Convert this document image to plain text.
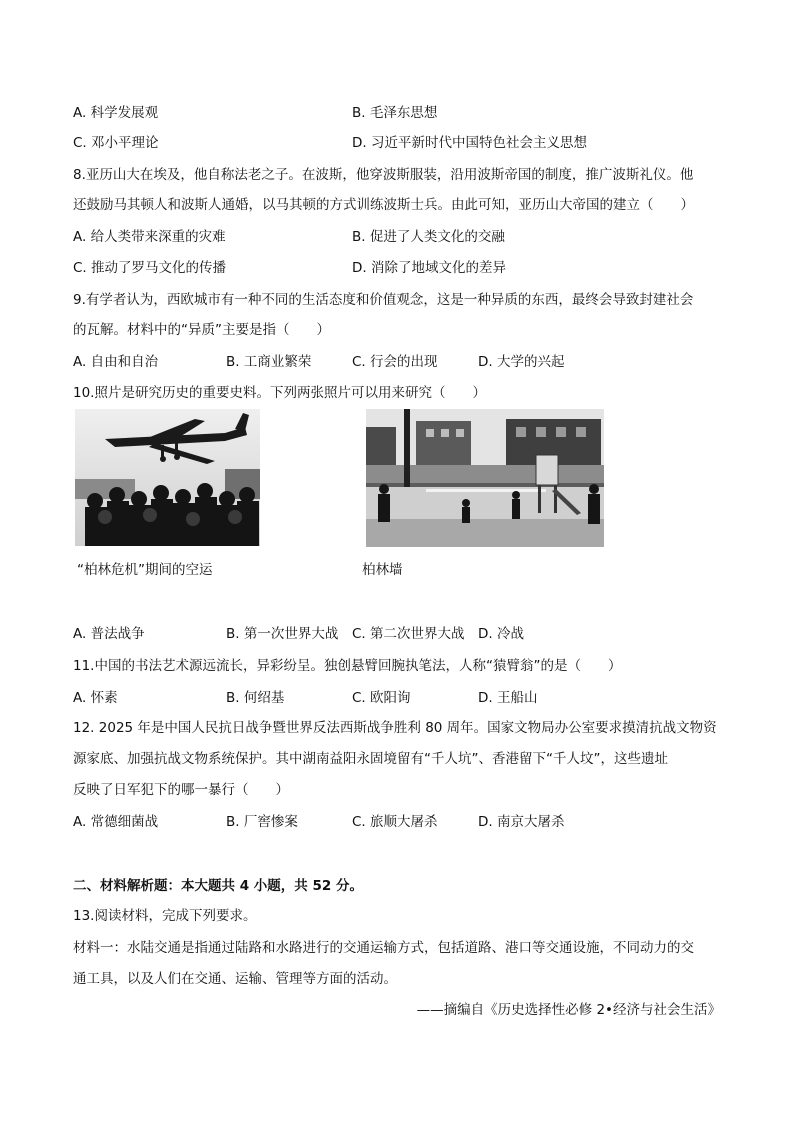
A. 科学发展观	B. 毛泽东思想
C. 邓小平理论	D. 习近平新时代中国特色社会主义思想
8.亚历山大在埃及，他自称法老之子。在波斯，他穿波斯服装，沿用波斯帝国的制度，推广波斯礼仪。他
还鼓励马其顿人和波斯人通婚，以马其顿的方式训练波斯士兵。由此可知，亚历山大帝国的建立（　　）
A. 给人类带来深重的灾难	B. 促进了人类文化的交融
C. 推动了罗马文化的传播	D. 消除了地域文化的差异
9.有学者认为，西欧城市有一种不同的生活态度和价值观念，这是一种异质的东西，最终会导致封建社会
的瓦解。材料中的“异质”主要是指（　　）
A. 自由和自治	B. 工商业繁荣	C. 行会的出现	D. 大学的兴起
10.照片是研究历史的重要史料。下列两张照片可以用来研究（　　）
“柏林危机”期间的空运	柏林墙
A. 普法战争	B. 第一次世界大战 C. 第二次世界大战 D. 冷战
11.中国的书法艺术源远流长，异彩纷呈。独创悬臂回腕执笔法，人称“猿臂翁”的是（　　）
A. 怀素	B. 何绍基	C. 欧阳询	D. 王船山
12. 2025 年是中国人民抗日战争暨世界反法西斯战争胜利 80 周年。国家文物局办公室要求摸清抗战文物资
源家底、加强抗战文物系统保护。其中湖南益阳永固境留有“千人坑”、香港留下“千人坟”，这些遗址
反映了日军犯下的哪一暴行（　　）
A. 常德细菌战	B. 厂窖惨案	C. 旅顺大屠杀	D. 南京大屠杀
二、材料解析题：本大题共 4 小题，共 52 分。
13.阅读材料，完成下列要求。
材料一：水陆交通是指通过陆路和水路进行的交通运输方式，包括道路、港口等交通设施，不同动力的交
通工具，以及人们在交通、运输、管理等方面的活动。
——摘编自《历史选择性必修 2•经济与社会生活》
